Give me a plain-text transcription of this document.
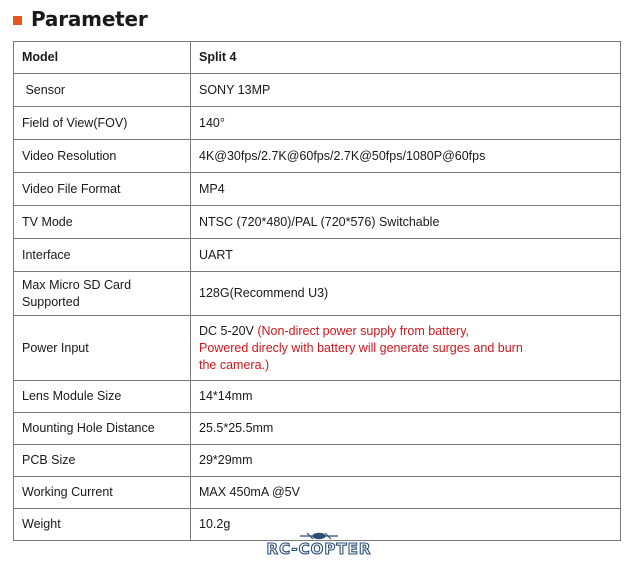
Parameter
Model	Split 4
Sensor	SONY 13MP
Field of View(FOV)	140°
Video Resolution	4K@30fps/2.7K@60fps/2.7K@50fps/1080P@60fps
Video File Format	MP4
TV Mode	NTSC (720*480)/PAL (720*576) Switchable
Interface	UART
Max Micro SD Card
Supported	128G(Recommend U3)
Power Input	DC 5-20V (Non-direct power supply from battery,
Powered direcly with battery will generate surges and burn
the camera.)
Lens Module Size	14*14mm
Mounting Hole Distance	25.5*25.5mm
PCB Size	29*29mm
Working Current	MAX 450mA @5V
Weight	10.2g
RC-COPTER
